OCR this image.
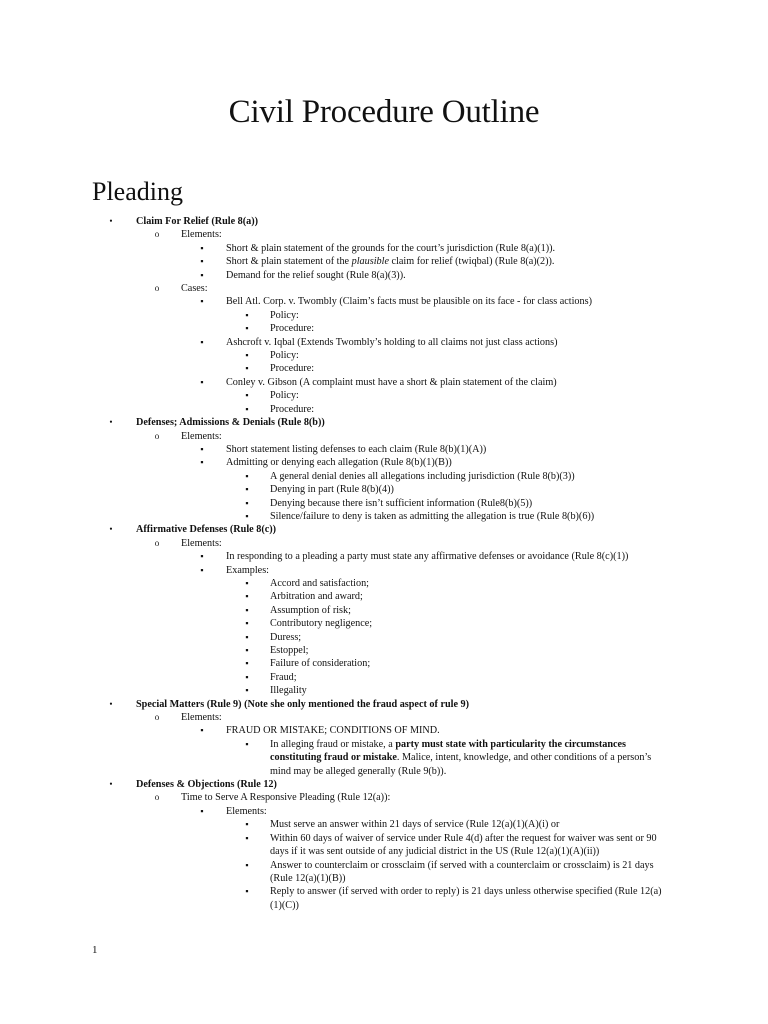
Civil Procedure Outline
Pleading
•	Claim For Relief (Rule 8(a))
o Elements:
▪	Short & plain statement of the grounds for the court’s jurisdiction (Rule 8(a)(1)).
▪	Short & plain statement of the plausible claim for relief (twiqbal) (Rule 8(a)(2)).
▪	Demand for the relief sought (Rule 8(a)(3)).
o Cases:
▪	Bell Atl. Corp. v. Twombly (Claim’s facts must be plausible on its face - for class actions)
▪	Policy:
▪	Procedure:
▪	Ashcroft v. Iqbal (Extends Twombly’s holding to all claims not just class actions)
▪	Policy:
▪	Procedure:
▪	Conley v. Gibson (A complaint must have a short & plain statement of the claim)
▪	Policy:
▪	Procedure:
•	Defenses; Admissions & Denials (Rule 8(b))
o Elements:
▪	Short statement listing defenses to each claim (Rule 8(b)(1)(A))
▪	Admitting or denying each allegation (Rule 8(b)(1)(B))
▪	A general denial denies all allegations including jurisdiction (Rule 8(b)(3))
▪	Denying in part (Rule 8(b)(4))
▪	Denying because there isn’t sufficient information (Rule8(b)(5))
▪	Silence/failure to deny is taken as admitting the allegation is true (Rule 8(b)(6))
•	Affirmative Defenses (Rule 8(c))
o Elements:
▪	In responding to a pleading a party must state any affirmative defenses or avoidance (Rule 8(c)(1))
▪	Examples:
▪	Accord and satisfaction;
▪	Arbitration and award;
▪	Assumption of risk;
▪	Contributory negligence;
▪	Duress;
▪	Estoppel;
▪	Failure of consideration;
▪	Fraud;
▪	Illegality
•	Special Matters (Rule 9) (Note she only mentioned the fraud aspect of rule 9)
o Elements:
▪	FRAUD OR MISTAKE; CONDITIONS OF MIND.
▪	In alleging fraud or mistake, a party must state with particularity the circumstances constituting fraud or mistake. Malice, intent, knowledge, and other conditions of a person’s mind may be alleged generally (Rule 9(b)).
•	Defenses & Objections (Rule 12)
o Time to Serve A Responsive Pleading (Rule 12(a)):
▪	Elements:
▪	Must serve an answer within 21 days of service (Rule 12(a)(1)(A)(i) or
▪	Within 60 days of waiver of service under Rule 4(d) after the request for waiver was sent or 90 days if it was sent outside of any judicial district in the US (Rule 12(a)(1)(A)(ii))
▪	Answer to counterclaim or crossclaim (if served with a counterclaim or crossclaim) is 21 days (Rule 12(a)(1)(B))
▪	Reply to answer (if served with order to reply) is 21 days unless otherwise specified (Rule 12(a)(1)(C))
1
